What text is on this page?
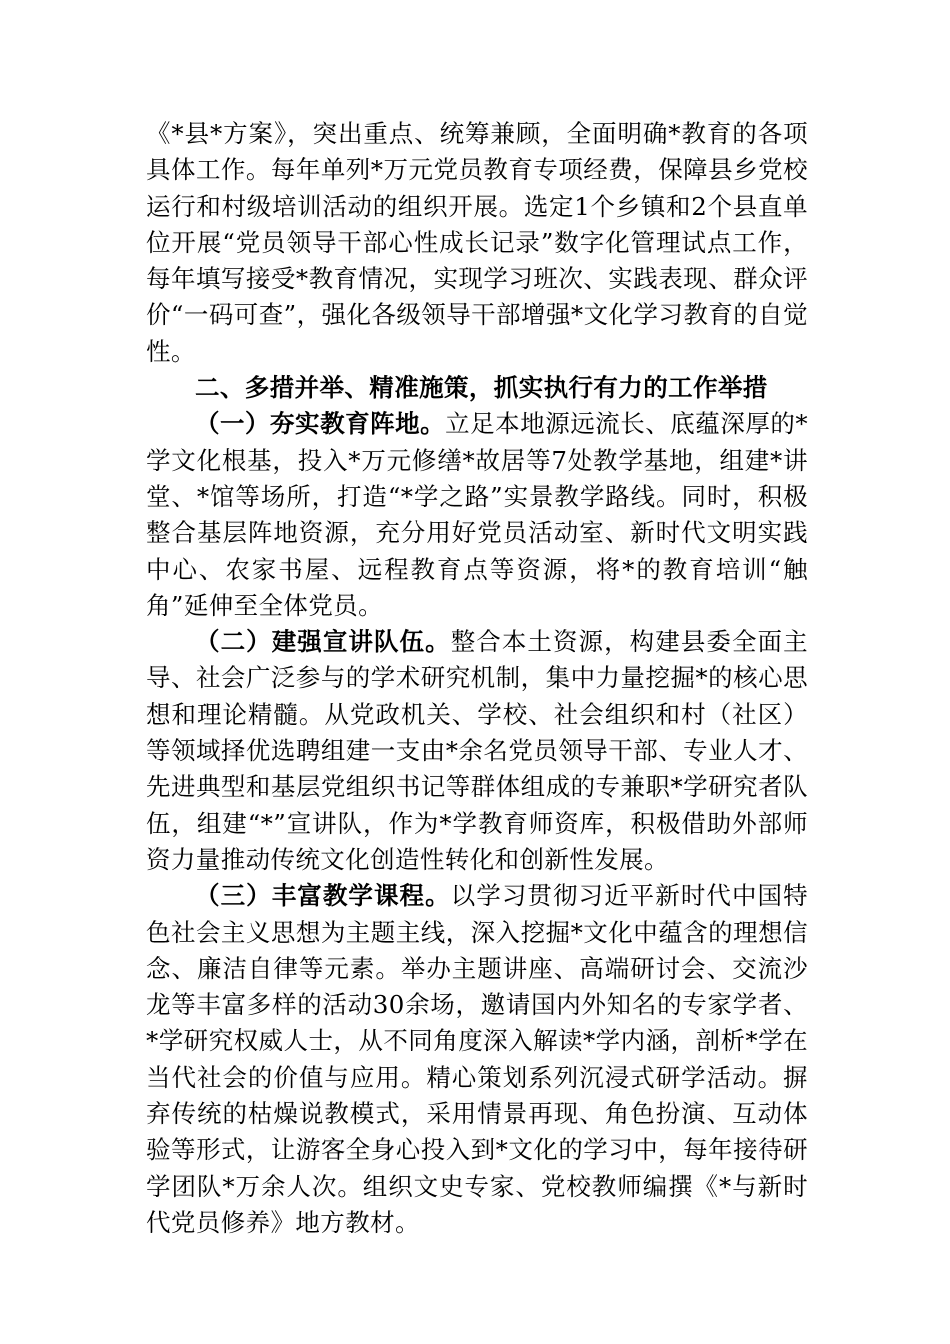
《*县*方案》，突出重点、统筹兼顾，全面明确*教育的各项具体工作。每年单列*万元党员教育专项经费，保障县乡党校运行和村级培训活动的组织开展。选定1个乡镇和2个县直单位开展“党员领导干部心性成长记录”数字化管理试点工作，每年填写接受*教育情况，实现学习班次、实践表现、群众评价“一码可查”，强化各级领导干部增强*文化学习教育的自觉性。

二、多措并举、精准施策，抓实执行有力的工作举措

（一）夯实教育阵地。立足本地源远流长、底蕴深厚的*学文化根基，投入*万元修缮*故居等7处教学基地，组建*讲堂、*馆等场所，打造“*学之路”实景教学路线。同时，积极整合基层阵地资源，充分用好党员活动室、新时代文明实践中心、农家书屋、远程教育点等资源，将*的教育培训“触角”延伸至全体党员。

（二）建强宣讲队伍。整合本土资源，构建县委全面主导、社会广泛参与的学术研究机制，集中力量挖掘*的核心思想和理论精髓。从党政机关、学校、社会组织和村（社区）等领域择优选聘组建一支由*余名党员领导干部、专业人才、先进典型和基层党组织书记等群体组成的专兼职*学研究者队伍，组建“*”宣讲队，作为*学教育师资库，积极借助外部师资力量推动传统文化创造性转化和创新性发展。

（三）丰富教学课程。以学习贯彻习近平新时代中国特色社会主义思想为主题主线，深入挖掘*文化中蕴含的理想信念、廉洁自律等元素。举办主题讲座、高端研讨会、交流沙龙等丰富多样的活动30余场，邀请国内外知名的专家学者、*学研究权威人士，从不同角度深入解读*学内涵，剖析*学在当代社会的价值与应用。精心策划系列沉浸式研学活动。摒弃传统的枯燥说教模式，采用情景再现、角色扮演、互动体验等形式，让游客全身心投入到*文化的学习中，每年接待研学团队*万余人次。组织文史专家、党校教师编撰《*与新时代党员修养》地方教材。
